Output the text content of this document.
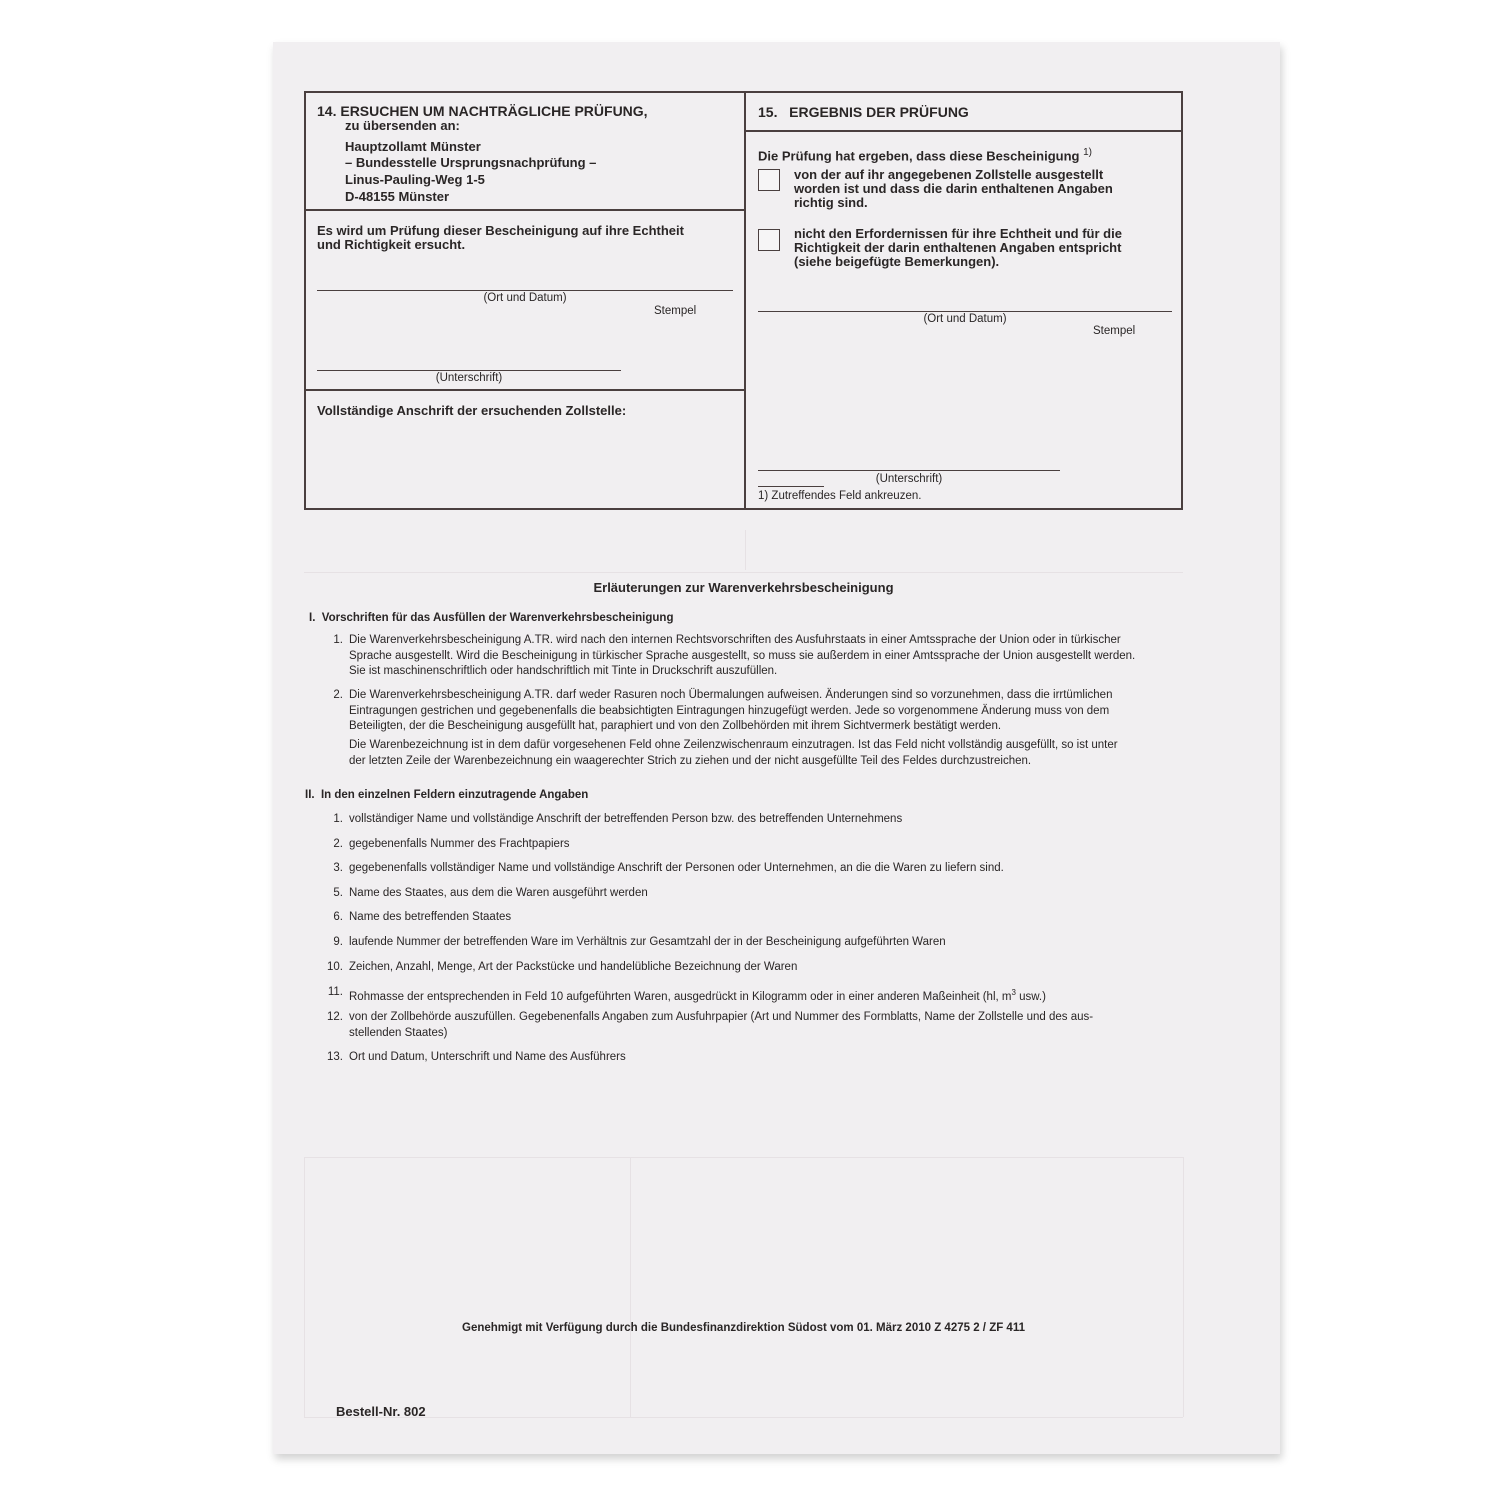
14. ERSUCHEN UM NACHTRÄGLICHE PRÜFUNG,
zu übersenden an:
Hauptzollamt Münster
– Bundesstelle Ursprungsnachprüfung –
Linus-Pauling-Weg 1-5
D-48155 Münster
Es wird um Prüfung dieser Bescheinigung auf ihre Echtheit
und Richtigkeit ersucht.
(Ort und Datum)
Stempel
(Unterschrift)
Vollständige Anschrift der ersuchenden Zollstelle:
15.   ERGEBNIS DER PRÜFUNG
Die Prüfung hat ergeben, dass diese Bescheinigung $^{1)}$
von der auf ihr angegebenen Zollstelle ausgestellt
worden ist und dass die darin enthaltenen Angaben
richtig sind.
nicht den Erfordernissen für ihre Echtheit und für die
Richtigkeit der darin enthaltenen Angaben entspricht
(siehe beigefügte Bemerkungen).
(Ort und Datum)
Stempel
(Unterschrift)
1) Zutreffendes Feld ankreuzen.
Erläuterungen zur Warenverkehrsbescheinigung
I.  Vorschriften für das Ausfüllen der Warenverkehrsbescheinigung
1. Die Warenverkehrsbescheinigung A.TR. wird nach den internen Rechtsvorschriften des Ausfuhrstaats in einer Amtssprache der Union oder in türkischer
Sprache ausgestellt. Wird die Bescheinigung in türkischer Sprache ausgestellt, so muss sie außerdem in einer Amtssprache der Union ausgestellt werden.
Sie ist maschinenschriftlich oder handschriftlich mit Tinte in Druckschrift auszufüllen.
2. Die Warenverkehrsbescheinigung A.TR. darf weder Rasuren noch Übermalungen aufweisen. Änderungen sind so vorzunehmen, dass die irrtümlichen
Eintragungen gestrichen und gegebenenfalls die beabsichtigten Eintragungen hinzugefügt werden. Jede so vorgenommene Änderung muss von dem
Beteiligten, der die Bescheinigung ausgefüllt hat, paraphiert und von den Zollbehörden mit ihrem Sichtvermerk bestätigt werden.
Die Warenbezeichnung ist in dem dafür vorgesehenen Feld ohne Zeilenzwischenraum einzutragen. Ist das Feld nicht vollständig ausgefüllt, so ist unter
der letzten Zeile der Warenbezeichnung ein waagerechter Strich zu ziehen und der nicht ausgefüllte Teil des Feldes durchzustreichen.
II.  In den einzelnen Feldern einzutragende Angaben
1. vollständiger Name und vollständige Anschrift der betreffenden Person bzw. des betreffenden Unternehmens
2. gegebenenfalls Nummer des Frachtpapiers
3. gegebenenfalls vollständiger Name und vollständige Anschrift der Personen oder Unternehmen, an die die Waren zu liefern sind.
5. Name des Staates, aus dem die Waren ausgeführt werden
6. Name des betreffenden Staates
9. laufende Nummer der betreffenden Ware im Verhältnis zur Gesamtzahl der in der Bescheinigung aufgeführten Waren
10. Zeichen, Anzahl, Menge, Art der Packstücke und handelübliche Bezeichnung der Waren
11. Rohmasse der entsprechenden in Feld 10 aufgeführten Waren, ausgedrückt in Kilogramm oder in einer anderen Maßeinheit (hl, $m^3$ usw.)
12. von der Zollbehörde auszufüllen. Gegebenenfalls Angaben zum Ausfuhrpapier (Art und Nummer des Formblatts, Name der Zollstelle und des aus-
stellenden Staates)
13. Ort und Datum, Unterschrift und Name des Ausführers
Genehmigt mit Verfügung durch die Bundesfinanzdirektion Südost vom 01. März 2010 Z 4275 2 / ZF 411
Bestell-Nr. 802
